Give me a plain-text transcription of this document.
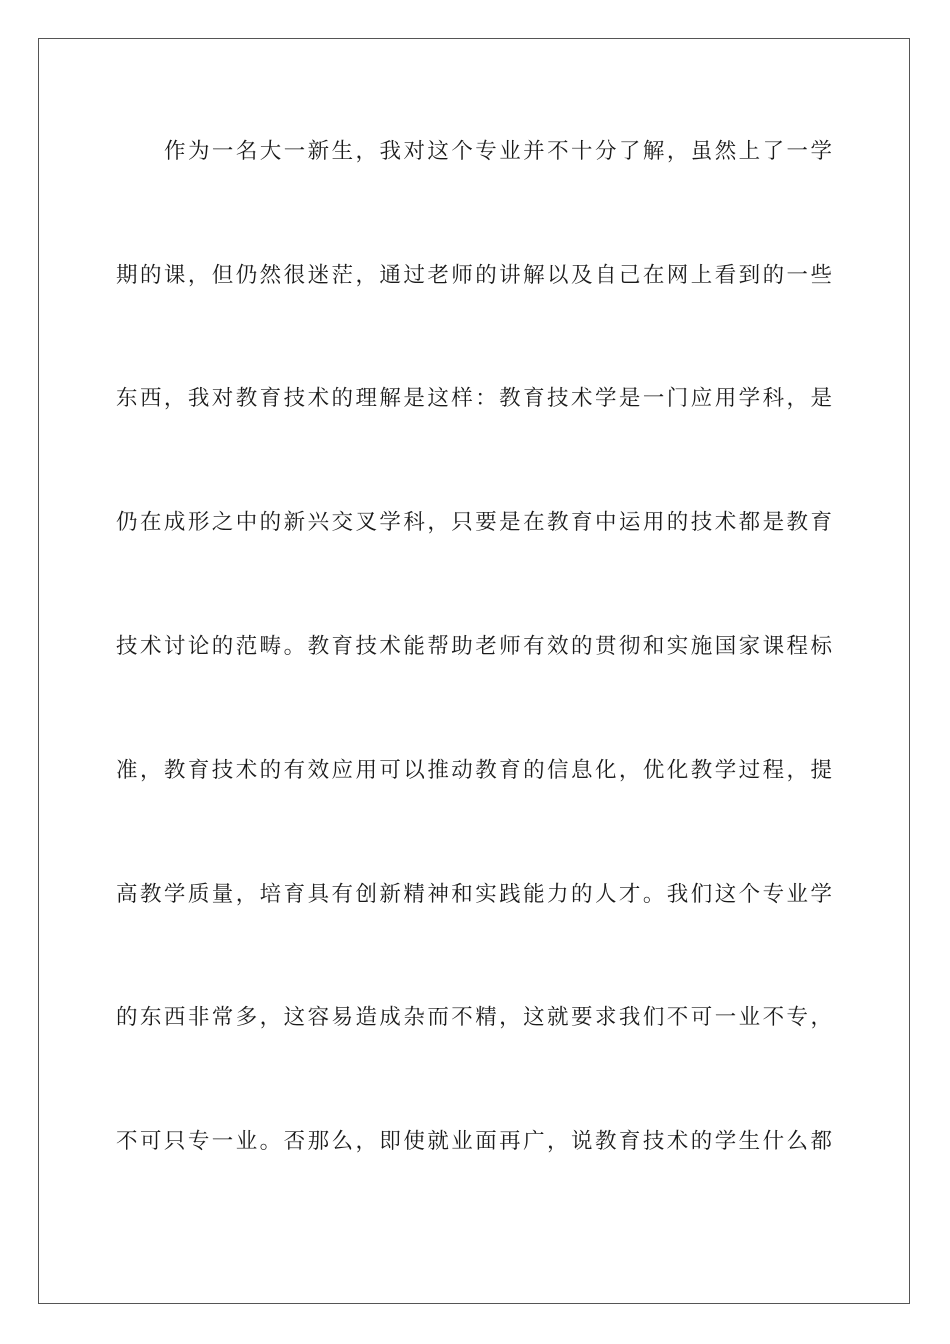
作为一名大一新生，我对这个专业并不十分了解，虽然上了一学
期的课，但仍然很迷茫，通过老师的讲解以及自己在网上看到的一些
东西，我对教育技术的理解是这样：教育技术学是一门应用学科，是
仍在成形之中的新兴交叉学科，只要是在教育中运用的技术都是教育
技术讨论的范畴。教育技术能帮助老师有效的贯彻和实施国家课程标
准，教育技术的有效应用可以推动教育的信息化，优化教学过程，提
高教学质量，培育具有创新精神和实践能力的人才。我们这个专业学
的东西非常多，这容易造成杂而不精，这就要求我们不可一业不专，
不可只专一业。否那么，即使就业面再广，说教育技术的学生什么都
